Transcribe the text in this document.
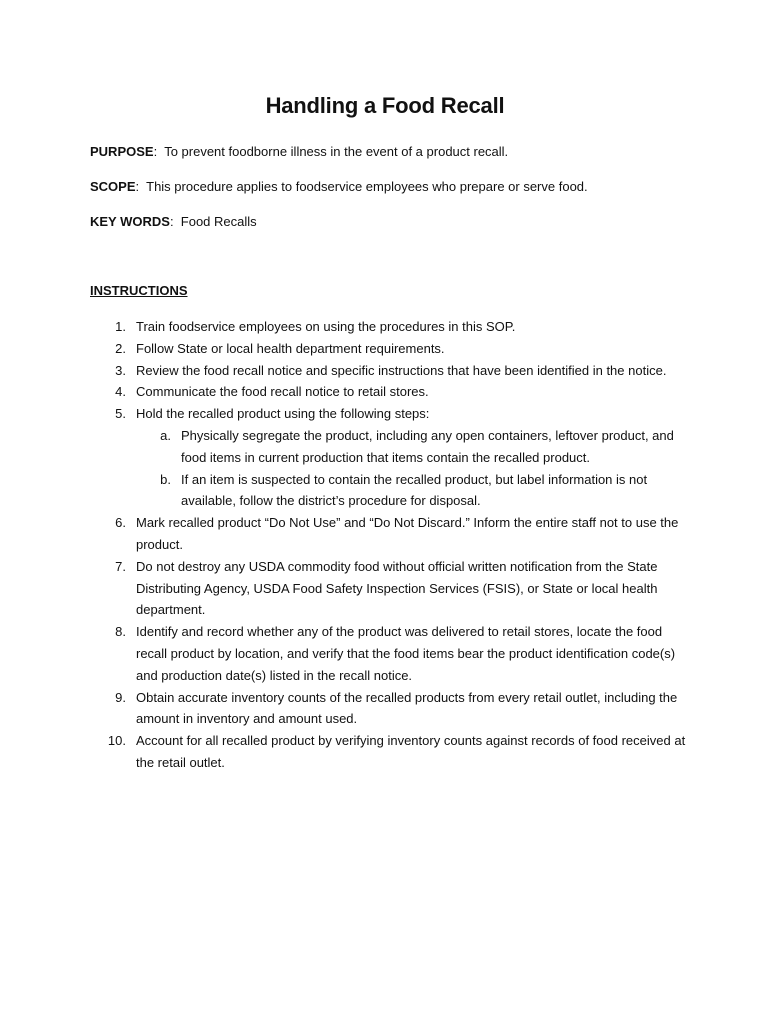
Handling a Food Recall
PURPOSE:  To prevent foodborne illness in the event of a product recall.
SCOPE:  This procedure applies to foodservice employees who prepare or serve food.
KEY WORDS:  Food Recalls
INSTRUCTIONS
1. Train foodservice employees on using the procedures in this SOP.
2. Follow State or local health department requirements.
3. Review the food recall notice and specific instructions that have been identified in the notice.
4. Communicate the food recall notice to retail stores.
5. Hold the recalled product using the following steps:
a. Physically segregate the product, including any open containers, leftover product, and food items in current production that items contain the recalled product.
b. If an item is suspected to contain the recalled product, but label information is not available, follow the district’s procedure for disposal.
6. Mark recalled product “Do Not Use” and “Do Not Discard.” Inform the entire staff not to use the product.
7. Do not destroy any USDA commodity food without official written notification from the State Distributing Agency, USDA Food Safety Inspection Services (FSIS), or State or local health department.
8. Identify and record whether any of the product was delivered to retail stores, locate the food recall product by location, and verify that the food items bear the product identification code(s) and production date(s) listed in the recall notice.
9. Obtain accurate inventory counts of the recalled products from every retail outlet, including the amount in inventory and amount used.
10. Account for all recalled product by verifying inventory counts against records of food received at the retail outlet.
